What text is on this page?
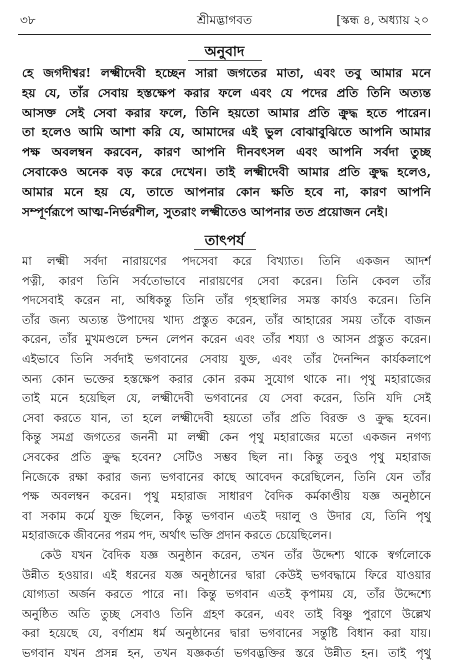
৩৮	শ্রীমদ্ভাগবত	[স্কন্ধ ৪, অধ্যায় ২০
অনুবাদ

হে জগদীশ্বর! লক্ষ্মীদেবী হচ্ছেন সারা জগতের মাতা, এবং তবু আমার মনে

হয় যে, তাঁর সেবায় হস্তক্ষেপ করার ফলে এবং যে পদের প্রতি তিনি অত্যন্ত

আসক্ত সেই সেবা করার ফলে, তিনি হয়তো আমার প্রতি ক্রুদ্ধ হতে পারেন।

তা হলেও আমি আশা করি যে, আমাদের এই ভুল বোঝাবুঝিতে আপনি আমার

পক্ষ অবলম্বন করবেন, কারণ আপনি দীনবৎসল এবং আপনি সর্বদা তুচ্ছ

সেবাকেও অনেক বড় করে দেখেন। তাই লক্ষ্মীদেবী আমার প্রতি ক্রুদ্ধ হলেও,

আমার মনে হয় যে, তাতে আপনার কোন ক্ষতি হবে না, কারণ আপনি

সম্পূর্ণরূপে আত্ম-নির্ভরশীল, সুতরাং লক্ষ্মীতেও আপনার তত প্রয়োজন নেই।

তাৎপর্য

মা লক্ষ্মী সর্বদা নারায়ণের পদসেবা করে বিখ্যাত। তিনি একজন আদর্শ

পত্নী, কারণ তিনি সর্বতোভাবে নারায়ণের সেবা করেন। তিনি কেবল তাঁর

পদসেবাই করেন না, অধিকন্তু তিনি তাঁর গৃহস্থালির সমস্ত কার্যও করেন। তিনি

তাঁর জন্য অত্যন্ত উপাদেয় খাদ্য প্রস্তুত করেন, তাঁর আহারের সময় তাঁকে বাজন

করেন, তাঁর মুখমণ্ডলে চন্দন লেপন করেন এবং তাঁর শয্যা ও আসন প্রস্তুত করেন।

এইভাবে তিনি সর্বদাই ভগবানের সেবায় যুক্ত, এবং তাঁর দৈনন্দিন কার্যকলাপে

অন্য কোন ভক্তের হস্তক্ষেপ করার কোন রকম সুযোগ থাকে না। পৃথু মহারাজের

তাই মনে হয়েছিল যে, লক্ষ্মীদেবী ভগবানের যে সেবা করেন, তিনি যদি সেই

সেবা করতে যান, তা হলে লক্ষ্মীদেবী হয়তো তাঁর প্রতি বিরক্ত ও ক্রুদ্ধ হবেন।

কিন্তু সমগ্র জগতের জননী মা লক্ষ্মী কেন পৃথু মহারাজের মতো একজন নগণ্য

সেবকের প্রতি ক্রুদ্ধ হবেন? সেটিও সম্ভব ছিল না। কিন্তু তবুও পৃথু মহারাজ

নিজেকে রক্ষা করার জন্য ভগবানের কাছে আবেদন করেছিলেন, তিনি যেন তাঁর

পক্ষ অবলম্বন করেন। পৃথু মহারাজ সাধারণ বৈদিক কর্মকাণ্ডীয় যজ্ঞ অনুষ্ঠানে

বা সকাম কর্মে যুক্ত ছিলেন, কিন্তু ভগবান এতই দয়ালু ও উদার যে, তিনি পৃথু

মহারাজকে জীবনের পরম পদ, অর্থাৎ ভক্তি প্রদান করতে চেয়েছিলেন।

কেউ যখন বৈদিক যজ্ঞ অনুষ্ঠান করেন, তখন তাঁর উদ্দেশ্য থাকে স্বর্গলোকে

উন্নীত হওয়ার। এই ধরনের যজ্ঞ অনুষ্ঠানের দ্বারা কেউই ভগবদ্ধামে ফিরে যাওয়ার

যোগ্যতা অর্জন করতে পারে না। কিন্তু ভগবান এতই কৃপাময় যে, তাঁর উদ্দেশ্যে

অনুষ্ঠিত অতি তুচ্ছ সেবাও তিনি গ্রহণ করেন, এবং তাই বিষ্ণু পুরাণে উল্লেখ

করা হয়েছে যে, বর্ণাশ্রম ধর্ম অনুষ্ঠানের দ্বারা ভগবানের সন্তুষ্টি বিধান করা যায়।

ভগবান যখন প্রসন্ন হন, তখন যজ্ঞকর্তা ভগবদ্ভক্তির স্তরে উন্নীত হন। তাই পৃথু
